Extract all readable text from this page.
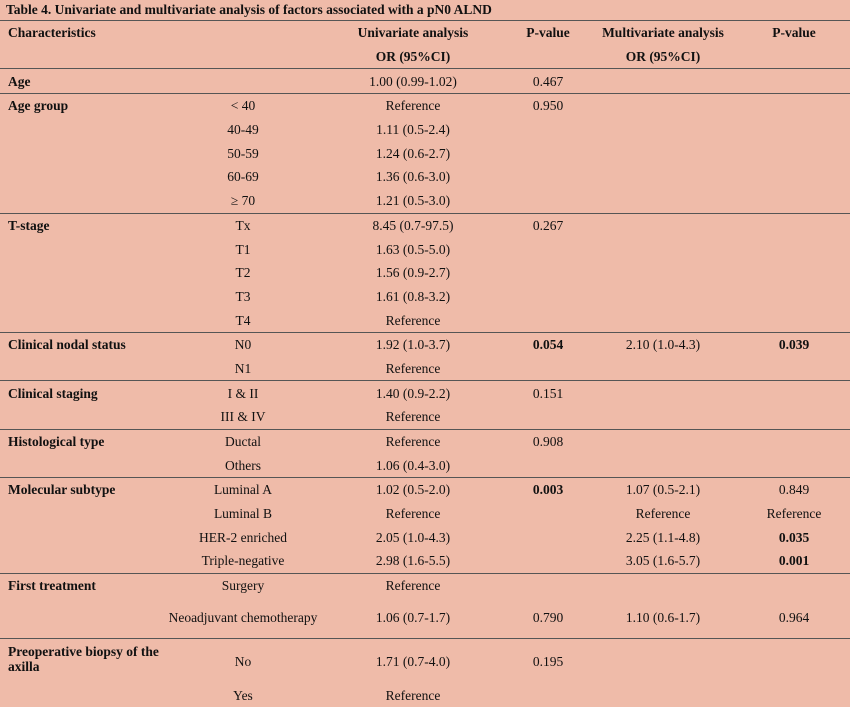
Table 4. Univariate and multivariate analysis of factors associated with a pN0 ALND
Characteristics		Univariate analysis	P-value	Multivariate analysis	P-value
		OR (95%CI)		OR (95%CI)	
Age		1.00 (0.99-1.02)	0.467		
Age group	< 40	Reference	0.950		
	40-49	1.11 (0.5-2.4)			
	50-59	1.24 (0.6-2.7)			
	60-69	1.36 (0.6-3.0)			
	≥ 70	1.21 (0.5-3.0)			
T-stage	Tx	8.45 (0.7-97.5)	0.267		
	T1	1.63 (0.5-5.0)			
	T2	1.56 (0.9-2.7)			
	T3	1.61 (0.8-3.2)			
	T4	Reference			
Clinical nodal status	N0	1.92 (1.0-3.7)	0.054	2.10 (1.0-4.3)	0.039
	N1	Reference			
Clinical staging	I & II	1.40 (0.9-2.2)	0.151		
	III & IV	Reference			
Histological type	Ductal	Reference	0.908		
	Others	1.06 (0.4-3.0)			
Molecular subtype	Luminal A	1.02 (0.5-2.0)	0.003	1.07 (0.5-2.1)	0.849
	Luminal B	Reference		Reference	Reference
	HER-2 enriched	2.05 (1.0-4.3)		2.25 (1.1-4.8)	0.035
	Triple-negative	2.98 (1.6-5.5)		3.05 (1.6-5.7)	0.001
First treatment	Surgery	Reference			
	Neoadjuvant chemotherapy	1.06 (0.7-1.7)	0.790	1.10 (0.6-1.7)	0.964
Preoperative biopsy of the axilla	No	1.71 (0.7-4.0)	0.195		
	Yes	Reference			
